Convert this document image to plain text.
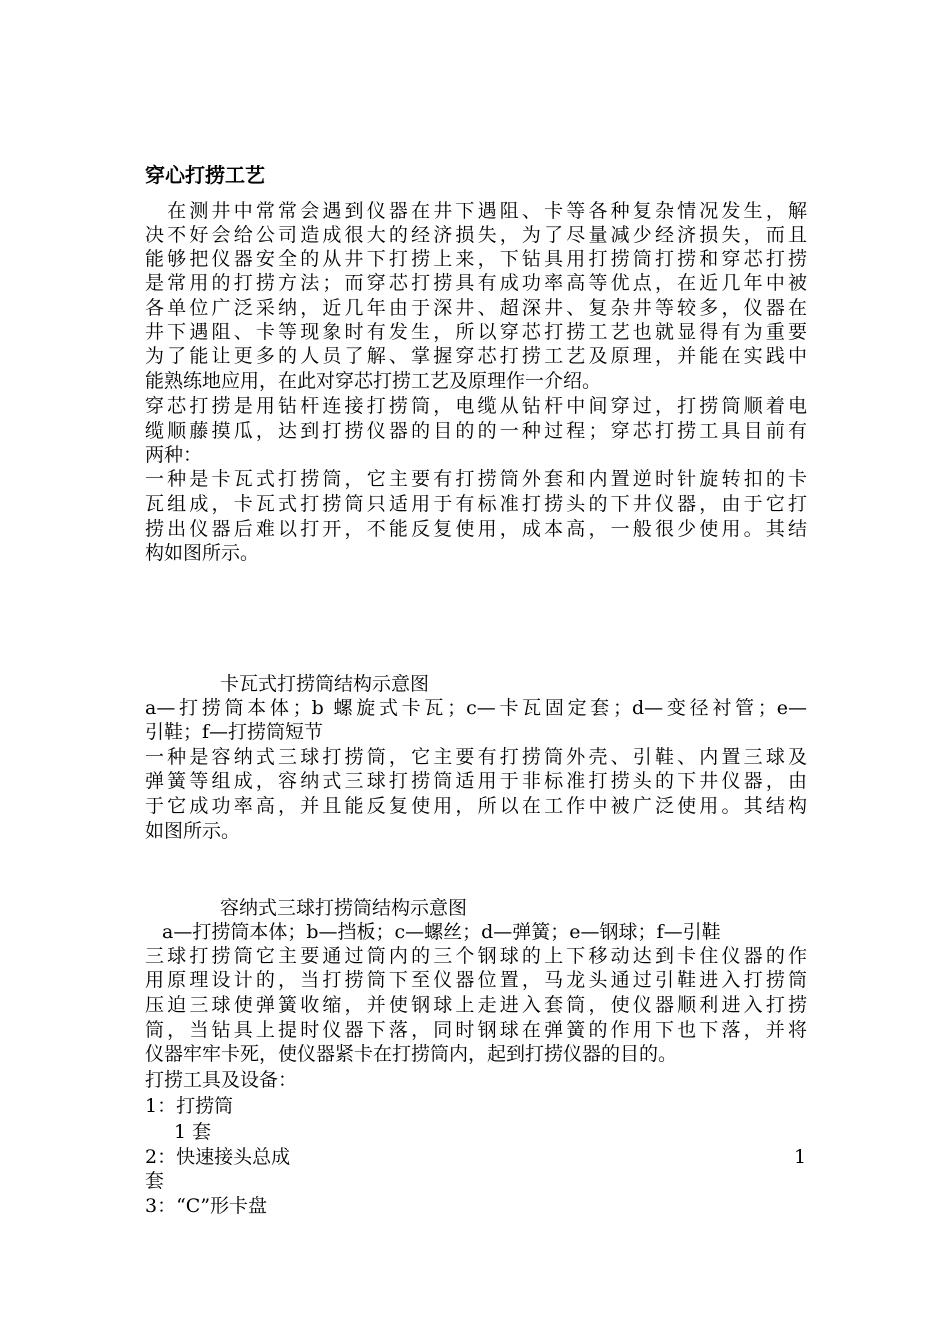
穿心打捞工艺
　在测井中常常会遇到仪器在井下遇阻、卡等各种复杂情况发生，解
决不好会给公司造成很大的经济损失，为了尽量减少经济损失，而且
能够把仪器安全的从井下打捞上来，下钻具用打捞筒打捞和穿芯打捞
是常用的打捞方法；而穿芯打捞具有成功率高等优点，在近几年中被
各单位广泛采纳，近几年由于深井、超深井、复杂井等较多，仪器在
井下遇阻、卡等现象时有发生，所以穿芯打捞工艺也就显得有为重要
为了能让更多的人员了解、掌握穿芯打捞工艺及原理，并能在实践中
能熟练地应用，在此对穿芯打捞工艺及原理作一介绍。
穿芯打捞是用钻杆连接打捞筒，电缆从钻杆中间穿过，打捞筒顺着电
缆顺藤摸瓜，达到打捞仪器的目的的一种过程；穿芯打捞工具目前有
两种：
一种是卡瓦式打捞筒，它主要有打捞筒外套和内置逆时针旋转扣的卡
瓦组成，卡瓦式打捞筒只适用于有标准打捞头的下井仪器，由于它打
捞出仪器后难以打开，不能反复使用，成本高，一般很少使用。其结
构如图所示。
卡瓦式打捞筒结构示意图
a—打捞筒本体；b 螺旋式卡瓦；c—卡瓦固定套；d—变径衬管；e—
引鞋；f—打捞筒短节
一种是容纳式三球打捞筒，它主要有打捞筒外壳、引鞋、内置三球及
弹簧等组成，容纳式三球打捞筒适用于非标准打捞头的下井仪器，由
于它成功率高，并且能反复使用，所以在工作中被广泛使用。其结构
如图所示。
容纳式三球打捞筒结构示意图
a—打捞筒本体；b—挡板；c—螺丝；d—弹簧；e—钢球；f—引鞋
三球打捞筒它主要通过筒内的三个钢球的上下移动达到卡住仪器的作
用原理设计的，当打捞筒下至仪器位置，马龙头通过引鞋进入打捞筒
压迫三球使弹簧收缩，并使钢球上走进入套筒，使仪器顺利进入打捞
筒，当钻具上提时仪器下落，同时钢球在弹簧的作用下也下落，并将
仪器牢牢卡死，使仪器紧卡在打捞筒内，起到打捞仪器的目的。
打捞工具及设备：
1：打捞筒
1 套
2：快速接头总成	1
套
3：“C”形卡盘
